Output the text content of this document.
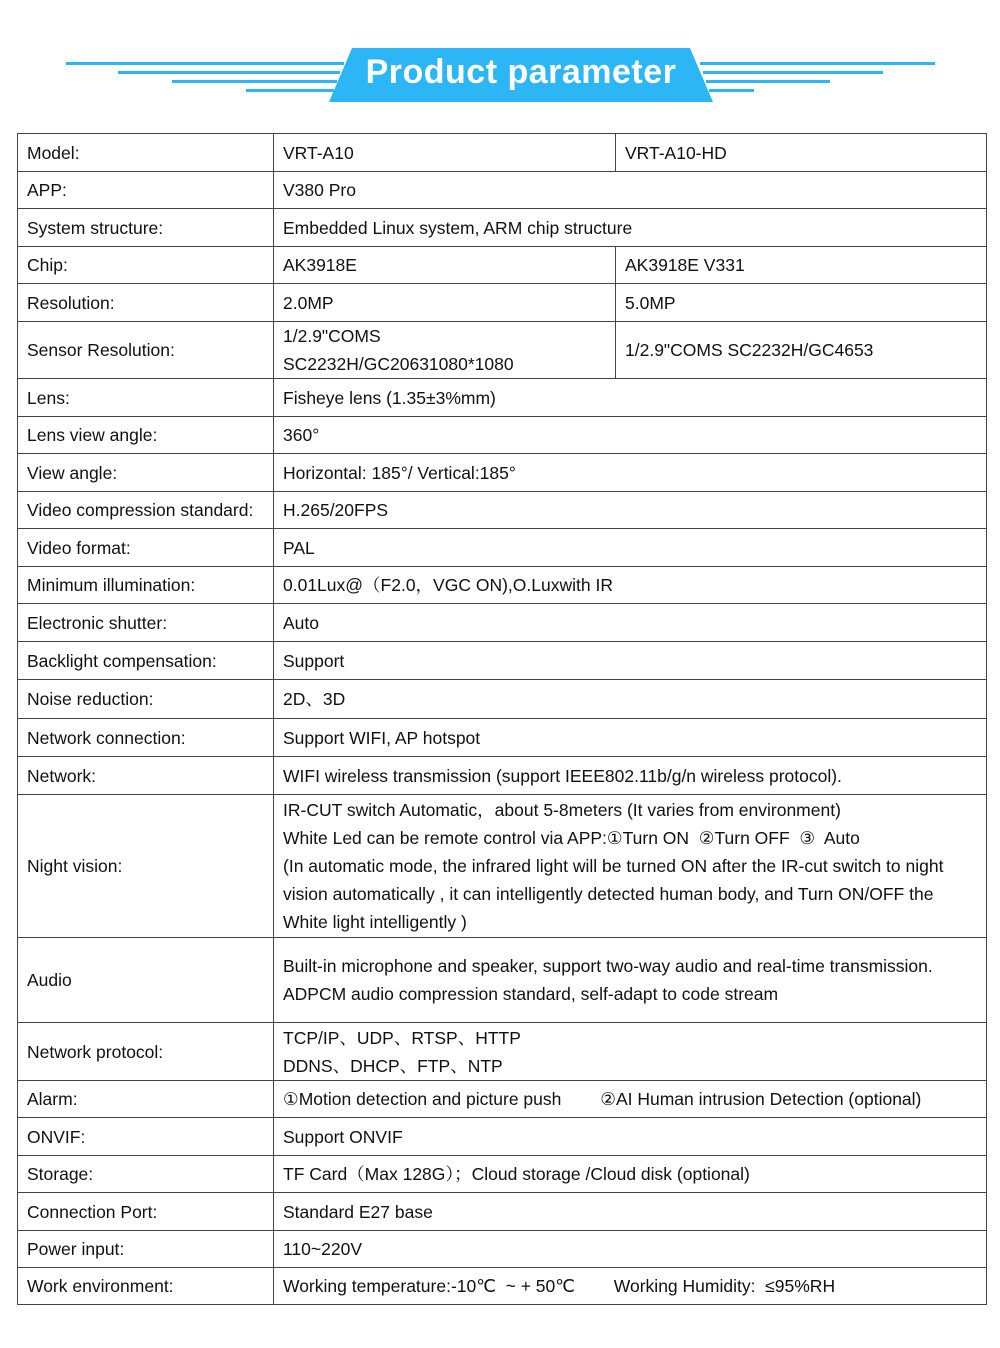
Product parameter
Model:	VRT-A10	VRT-A10-HD

APP:	V380 Pro	

System structure:	Embedded Linux system, ARM chip structure	

Chip:	AK3918E	AK3918E V331

Resolution:	2.0MP	5.0MP

Sensor Resolution:	1/2.9"COMS
SC2232H/GC20631080*1080	1/2.9"COMS SC2232H/GC4653

Lens:	Fisheye lens (1.35±3%mm)	

Lens view angle:	360°	

View angle:	Horizontal: 185°/ Vertical:185°	

Video compression standard:	H.265/20FPS	

Video format:	PAL	

Minimum illumination:	0.01Lux@（F2.0，VGC ON),O.Luxwith IR	

Electronic shutter:	Auto	

Backlight compensation:	Support	

Noise reduction:	2D、3D	

Network connection:	Support WIFI, AP hotspot	

Network:	WIFI wireless transmission (support IEEE802.11b/g/n wireless protocol).	

Night vision:	IR-CUT switch Automatic，about 5-8meters (It varies from environment)
White Led can be remote control via APP:①Turn ON  ②Turn OFF  ③  Auto
(In automatic mode, the infrared light will be turned ON after the IR-cut switch to night
vision automatically , it can intelligently detected human body, and Turn ON/OFF the
White light intelligently )	

Audio	Built-in microphone and speaker, support two-way audio and real-time transmission.
ADPCM audio compression standard, self-adapt to code stream	

Network protocol:	TCP/IP、UDP、RTSP、HTTP
DDNS、DHCP、FTP、NTP	

Alarm:	①Motion detection and picture push        ②AI Human intrusion Detection (optional)	

ONVIF:	Support ONVIF	

Storage:	TF Card（Max 128G）；Cloud storage /Cloud disk (optional)	

Connection Port:	Standard E27 base	

Power input:	110~220V	

Work environment:	Working temperature:-10℃  ~ + 50℃        Working Humidity:  ≤95%RH	
